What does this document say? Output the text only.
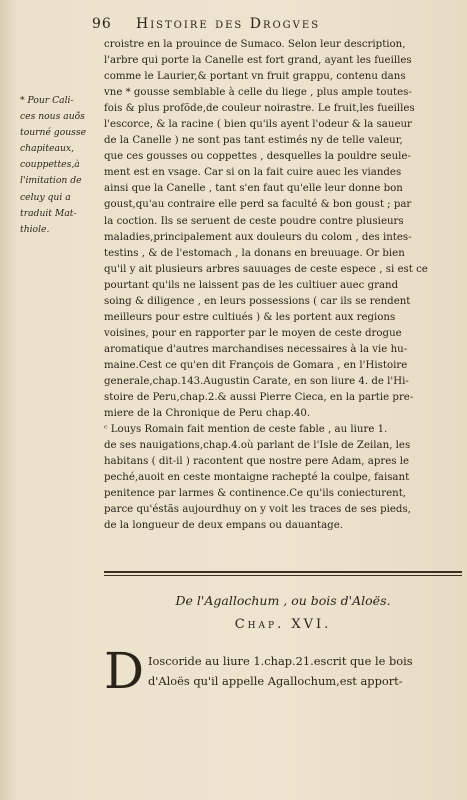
96 Histoire des Drogves
* Pour Cali-
ces nous auõs
tourné gousse
chapiteaux,
couppettes,à
l'imitation de
celuy qui a
traduit Mat-
thiole.
croistre en la prouince de Sumaco. Selon leur description,
l'arbre qui porte la Canelle est fort grand, ayant les fueilles
comme le Laurier,& portant vn fruit grappu, contenu dans
vne * gousse semblable à celle du liege , plus ample toutes-
fois & plus profõde,de couleur noirastre. Le fruit,les fueilles
l'escorce, & la racine ( bien qu'ils ayent l'odeur & la saueur
de la Canelle ) ne sont pas tant estimés ny de telle valeur,
que ces gousses ou coppettes , desquelles la pouldre seule-
ment est en vsage. Car si on la fait cuire auec les viandes
ainsi que la Canelle , tant s'en faut qu'elle leur donne bon
goust,qu'au contraire elle perd sa faculté & bon goust ; par
la coction. Ils se seruent de ceste poudre contre plusieurs
maladies,principalement aux douleurs du colom , des intes-
testins , & de l'estomach , la donans en breuuage. Or bien
qu'il y ait plusieurs arbres sauuages de ceste espece , si est ce
pourtant qu'ils ne laissent pas de les cultiuer auec grand
soing & diligence , en leurs possessions ( car ils se rendent
meilleurs pour estre cultiués ) & les portent aux regions
voisines, pour en rapporter par le moyen de ceste drogue
aromatique d'autres marchandises necessaires à la vie hu-
maine.Cest ce qu'en dit François de Gomara , en l'Histoire
generale,chap.143.Augustin Carate, en son liure 4. de l'Hi-
stoire de Peru,chap.2.& aussi Pierre Cieca, en la partie pre-
miere de la Chronique de Peru chap.40.
ᶜ Louys Romain fait mention de ceste fable , au liure 1.
de ses nauigations,chap.4.où parlant de l'Isle de Zeilan, les
habitans ( dit-il ) racontent que nostre pere Adam, apres le
peché,auoit en ceste montaigne rachepté la coulpe, faisant
penitence par larmes & continence.Ce qu'ils coniecturent,
parce qu'éstãs aujourdhuy on y voit les traces de ses pieds,
de la longueur de deux empans ou dauantage.
De l'Agallochum , ou bois d'Aloës.
Chap. XVI.
D Ioscoride au liure 1.chap.21.escrit que le bois
d'Aloës qu'il appelle Agallochum,est apport-
